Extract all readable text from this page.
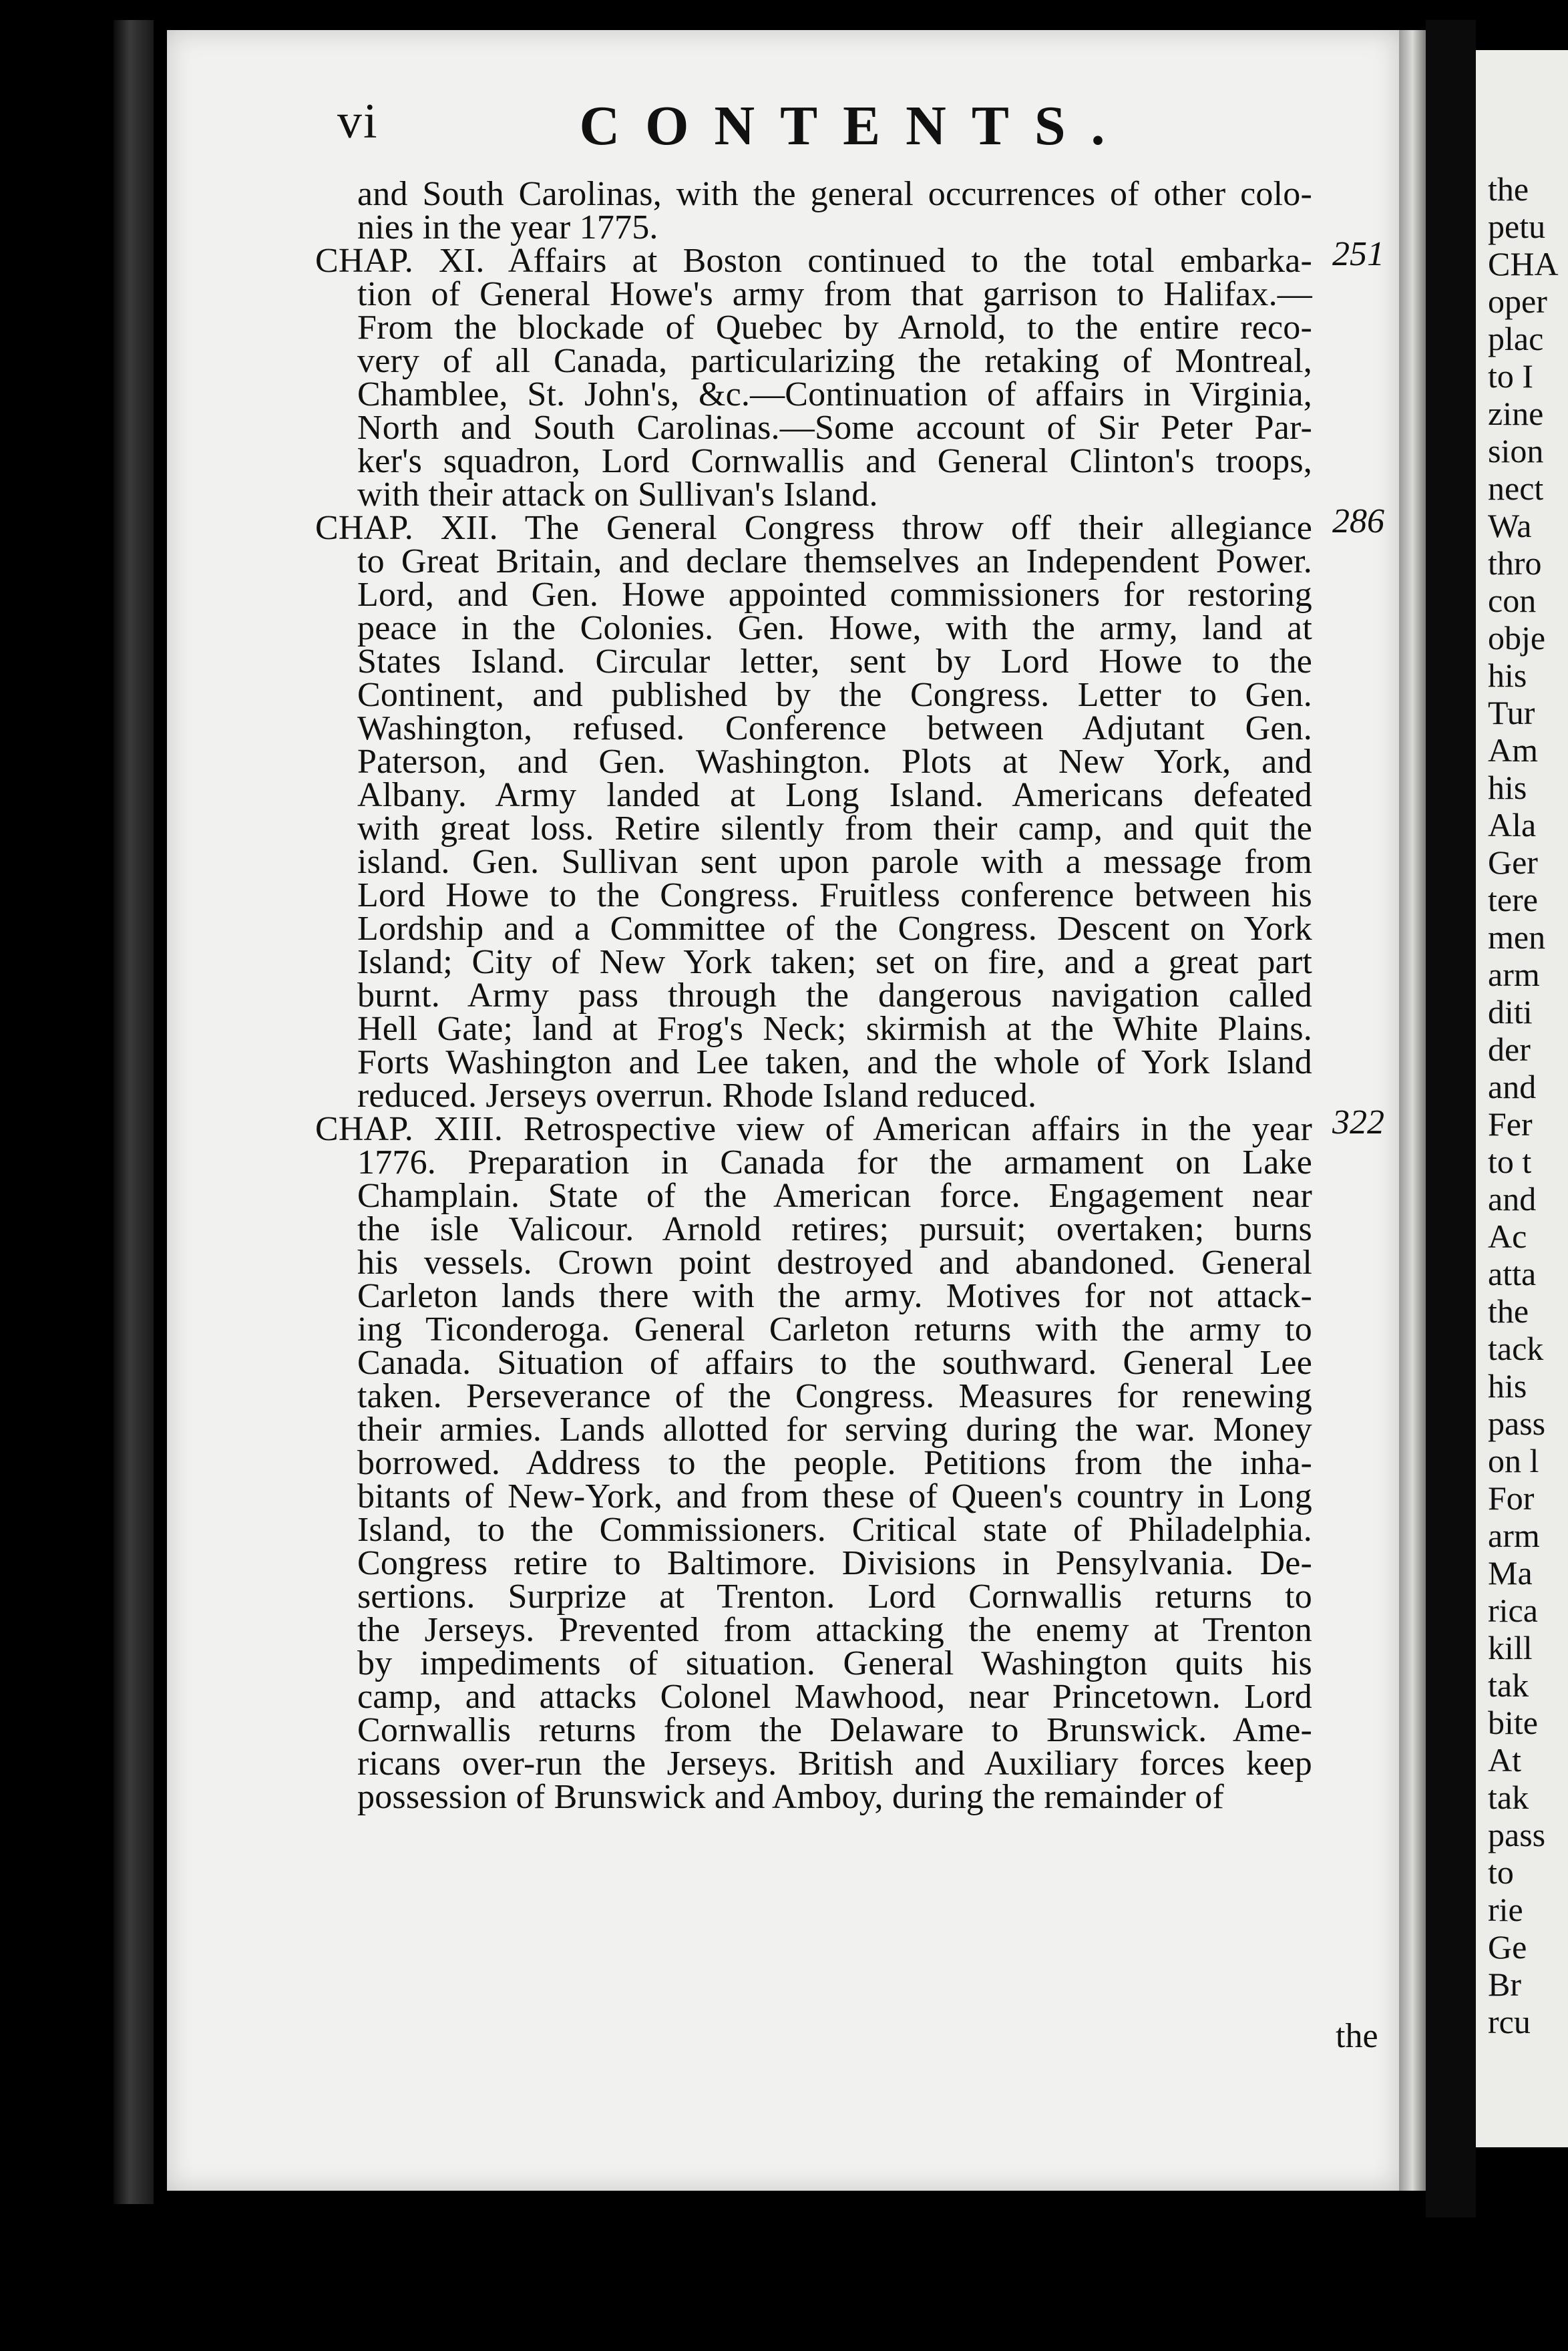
the
petu
CHA
oper
plac
to I
zine
sion
nect
Wa
thro
con
obje
his
Tur
Am
his
Ala
Ger
tere
men
arm
diti
der
and
Fer
to t
and
Ac
atta
the
tack
his
pass
on l
For
arm
Ma
rica
kill
tak
bite
At
tak
pass
to
rie
Ge
Br
rcu
vi	CONTENTS.
and South Carolinas, with the general occurrences of other colo-
nies in the year 1775.
251
CHAP. XI. Affairs at Boston continued to the total embarka-
tion of General Howe's army from that garrison to Halifax.—
From the blockade of Quebec by Arnold, to the entire reco-
very of all Canada, particularizing the retaking of Montreal,
Chamblee, St. John's, &c.—Continuation of affairs in Virginia,
North and South Carolinas.—Some account of Sir Peter Par-
ker's squadron, Lord Cornwallis and General Clinton's troops,
with their attack on Sullivan's Island.
286
CHAP. XII. The General Congress throw off their allegiance
to Great Britain, and declare themselves an Independent Power.
Lord, and Gen. Howe appointed commissioners for restoring
peace in the Colonies. Gen. Howe, with the army, land at
States Island. Circular letter, sent by Lord Howe to the
Continent, and published by the Congress. Letter to Gen.
Washington, refused. Conference between Adjutant Gen.
Paterson, and Gen. Washington. Plots at New York, and
Albany. Army landed at Long Island. Americans defeated
with great loss. Retire silently from their camp, and quit the
island. Gen. Sullivan sent upon parole with a message from
Lord Howe to the Congress. Fruitless conference between his
Lordship and a Committee of the Congress. Descent on York
Island; City of New York taken; set on fire, and a great part
burnt. Army pass through the dangerous navigation called
Hell Gate; land at Frog's Neck; skirmish at the White Plains.
Forts Washington and Lee taken, and the whole of York Island
reduced. Jerseys overrun. Rhode Island reduced.
322
CHAP. XIII. Retrospective view of American affairs in the year
1776. Preparation in Canada for the armament on Lake
Champlain. State of the American force. Engagement near
the isle Valicour. Arnold retires; pursuit; overtaken; burns
his vessels. Crown point destroyed and abandoned. General
Carleton lands there with the army. Motives for not attack-
ing Ticonderoga. General Carleton returns with the army to
Canada. Situation of affairs to the southward. General Lee
taken. Perseverance of the Congress. Measures for renewing
their armies. Lands allotted for serving during the war. Money
borrowed. Address to the people. Petitions from the inha-
bitants of New-York, and from these of Queen's country in Long
Island, to the Commissioners. Critical state of Philadelphia.
Congress retire to Baltimore. Divisions in Pensylvania. De-
sertions. Surprize at Trenton. Lord Cornwallis returns to
the Jerseys. Prevented from attacking the enemy at Trenton
by impediments of situation. General Washington quits his
camp, and attacks Colonel Mawhood, near Princetown. Lord
Cornwallis returns from the Delaware to Brunswick. Ame-
ricans over-run the Jerseys. British and Auxiliary forces keep
possession of Brunswick and Amboy, during the remainder of
the
